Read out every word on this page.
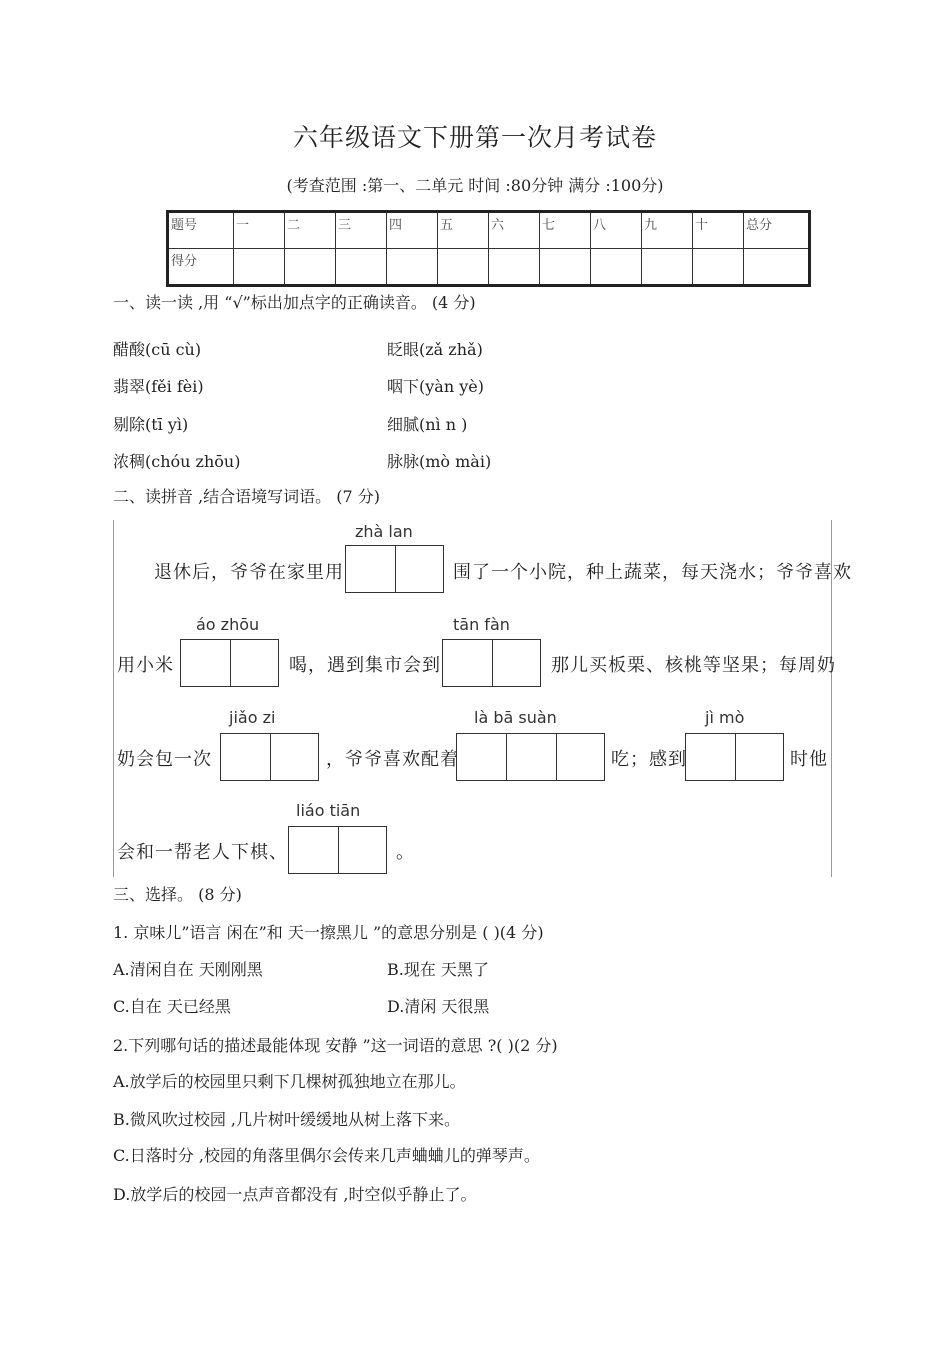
六年级语文下册第一次月考试卷
(考查范围 :第一、二单元 时间 :80分钟 满分 :100分)
题号	一	二	三	四	五	六	七	八	九	十	总分
得分											
一、读一读 ,用 “√”标出加点字的正确读音。 (4 分)
醋酸(cū cù)	眨眼(zǎ zhǎ)
翡翠(fěi fèi)	咽下(yàn yè)
剔除(tī yì)	细腻(nì n )
浓稠(chóu zhōu)	脉脉(mò mài)
二、读拼音 ,结合语境写词语。 (7 分)
zhà lan
退休后，爷爷在家里用	围了一个小院，种上蔬菜，每天浇水；爷爷喜欢
áo zhōu	tān fàn
用小米	喝，遇到集市会到	那儿买板栗、核桃等坚果；每周奶
jiǎo zi	là bā suàn	jì mò
奶会包一次	，爷爷喜欢配着	吃；感到	时他
liáo tiān
会和一帮老人下棋、	。
三、选择。 (8 分)
1. 京味儿”语言 闲在”和 天一擦黑儿 ”的意思分别是 ( )(4 分)
A.清闲自在 天刚刚黑	B.现在 天黑了
C.自在 天已经黑	D.清闲 天很黑
2.下列哪句话的描述最能体现 安静 ”这一词语的意思 ?( )(2 分)
A.放学后的校园里只剩下几棵树孤独地立在那儿。
B.微风吹过校园 ,几片树叶缓缓地从树上落下来。
C.日落时分 ,校园的角落里偶尔会传来几声蛐蛐儿的弹琴声。
D.放学后的校园一点声音都没有 ,时空似乎静止了。
